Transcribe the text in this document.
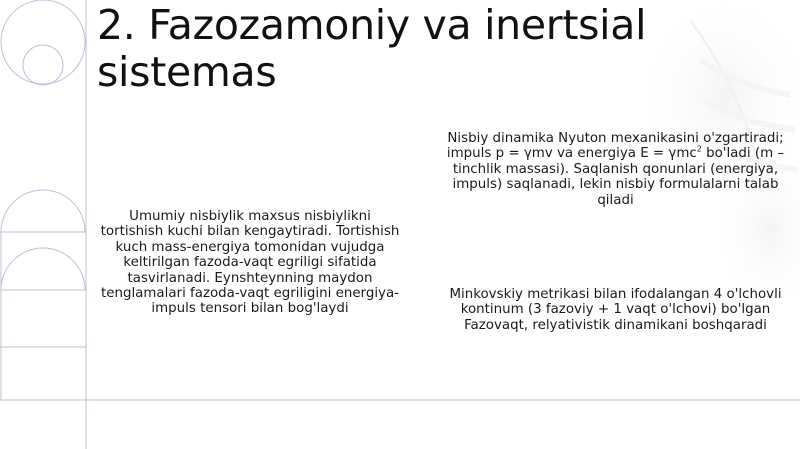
2. Fazozamoniy va inertsial sistemas

Umumiy nisbiylik maxsus nisbiylikni tortishish kuchi bilan kengaytiradi. Tortishish kuch mass-energiya tomonidan vujudga keltirilgan fazoda-vaqt egriligi sifatida tasvirlanadi. Eynshteynning maydon tenglamalari fazoda-vaqt egriligini energiya-impuls tensori bilan bog'laydi

Nisbiy dinamika Nyuton mexanikasini o'zgartiradi; impuls p = γmv va energiya E = γmc$^2$ bo'ladi (m – tinchlik massasi). Saqlanish qonunlari (energiya, impuls) saqlanadi, lekin nisbiy formulalarni talab qiladi

Minkovskiy metrikasi bilan ifodalangan 4 o'lchovli kontinum (3 fazoviy + 1 vaqt o'lchovi) bo'lgan Fazovaqt, relyativistik dinamikani boshqaradi
